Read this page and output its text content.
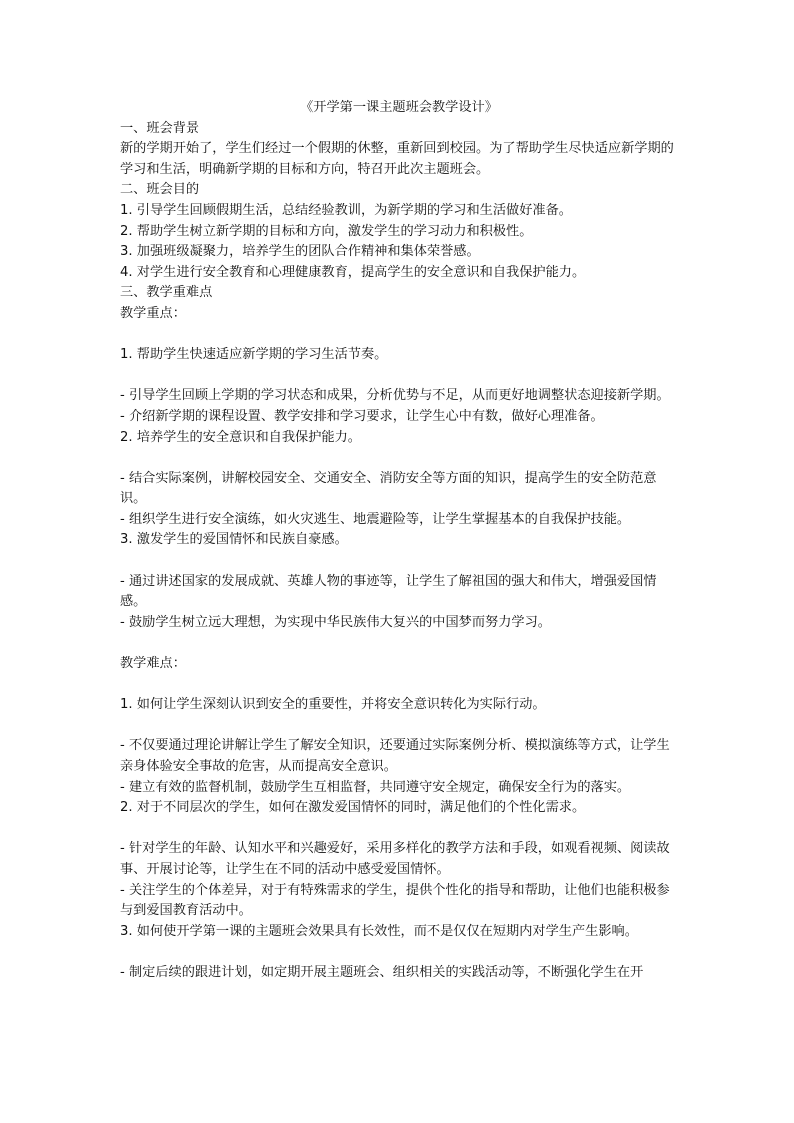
《开学第一课主题班会教学设计》

一、班会背景

新的学期开始了，学生们经过一个假期的休整，重新回到校园。为了帮助学生尽快适应新学期的学习和生活，明确新学期的目标和方向，特召开此次主题班会。

二、班会目的

1. 引导学生回顾假期生活，总结经验教训，为新学期的学习和生活做好准备。

2. 帮助学生树立新学期的目标和方向，激发学生的学习动力和积极性。

3. 加强班级凝聚力，培养学生的团队合作精神和集体荣誉感。

4. 对学生进行安全教育和心理健康教育，提高学生的安全意识和自我保护能力。

三、教学重难点

教学重点：

1. 帮助学生快速适应新学期的学习生活节奏。

- 引导学生回顾上学期的学习状态和成果，分析优势与不足，从而更好地调整状态迎接新学期。

- 介绍新学期的课程设置、教学安排和学习要求，让学生心中有数，做好心理准备。

2. 培养学生的安全意识和自我保护能力。

- 结合实际案例，讲解校园安全、交通安全、消防安全等方面的知识，提高学生的安全防范意识。

- 组织学生进行安全演练，如火灾逃生、地震避险等，让学生掌握基本的自我保护技能。

3. 激发学生的爱国情怀和民族自豪感。

- 通过讲述国家的发展成就、英雄人物的事迹等，让学生了解祖国的强大和伟大，增强爱国情感。

- 鼓励学生树立远大理想，为实现中华民族伟大复兴的中国梦而努力学习。

教学难点：

1. 如何让学生深刻认识到安全的重要性，并将安全意识转化为实际行动。

- 不仅要通过理论讲解让学生了解安全知识，还要通过实际案例分析、模拟演练等方式，让学生亲身体验安全事故的危害，从而提高安全意识。

- 建立有效的监督机制，鼓励学生互相监督，共同遵守安全规定，确保安全行为的落实。

2. 对于不同层次的学生，如何在激发爱国情怀的同时，满足他们的个性化需求。

- 针对学生的年龄、认知水平和兴趣爱好，采用多样化的教学方法和手段，如观看视频、阅读故事、开展讨论等，让学生在不同的活动中感受爱国情怀。

- 关注学生的个体差异，对于有特殊需求的学生，提供个性化的指导和帮助，让他们也能积极参与到爱国教育活动中。

3. 如何使开学第一课的主题班会效果具有长效性，而不是仅仅在短期内对学生产生影响。

- 制定后续的跟进计划，如定期开展主题班会、组织相关的实践活动等，不断强化学生在开
